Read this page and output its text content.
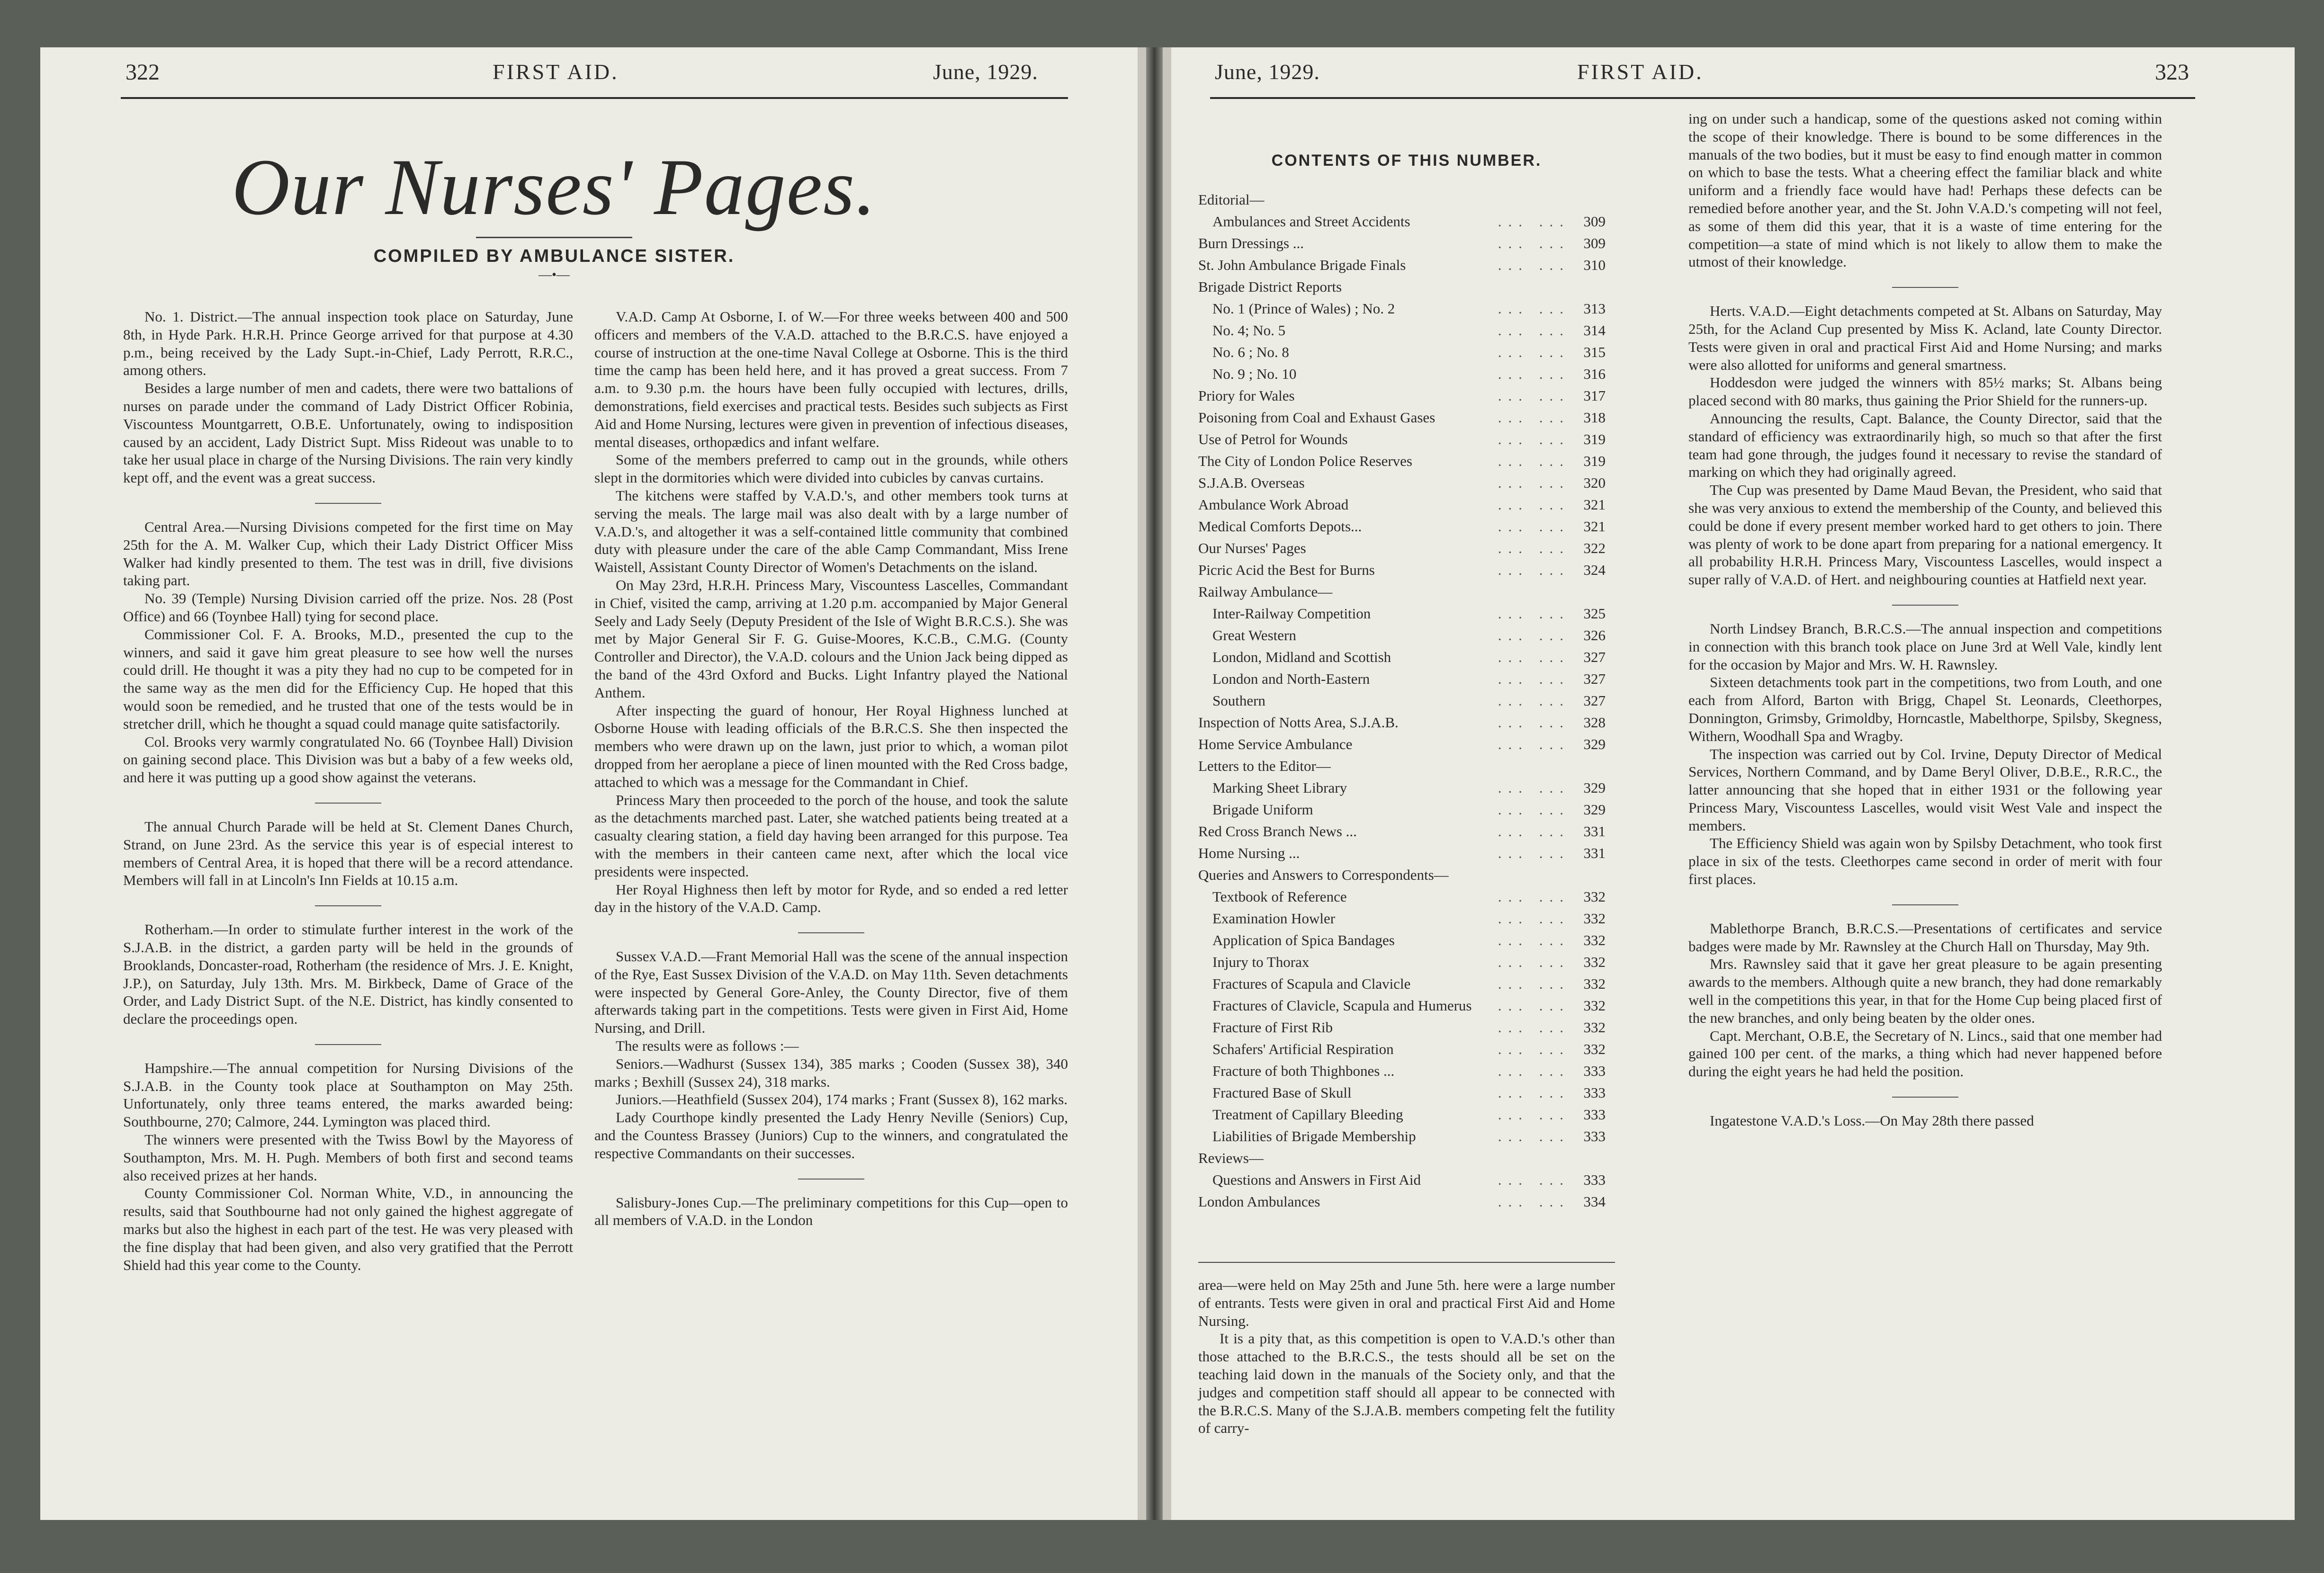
322	FIRST AID.	June, 1929.
Our Nurses' Pages.
COMPILED BY AMBULANCE SISTER.
—•—

No. 1. District.—The annual inspection took place on Saturday, June 8th, in Hyde Park. H.R.H. Prince George arrived for that purpose at 4.30 p.m., being received by the Lady Supt.-in-Chief, Lady Perrott, R.R.C., among others.

Besides a large number of men and cadets, there were two battalions of nurses on parade under the command of Lady District Officer Robinia, Viscountess Mountgarrett, O.B.E. Unfortunately, owing to indisposition caused by an accident, Lady District Supt. Miss Rideout was unable to to take her usual place in charge of the Nursing Divisions. The rain very kindly kept off, and the event was a great success.

Central Area.—Nursing Divisions competed for the first time on May 25th for the A. M. Walker Cup, which their Lady District Officer Miss Walker had kindly presented to them. The test was in drill, five divisions taking part.

No. 39 (Temple) Nursing Division carried off the prize. Nos. 28 (Post Office) and 66 (Toynbee Hall) tying for second place.

Commissioner Col. F. A. Brooks, M.D., presented the cup to the winners, and said it gave him great pleasure to see how well the nurses could drill. He thought it was a pity they had no cup to be competed for in the same way as the men did for the Efficiency Cup. He hoped that this would soon be remedied, and he trusted that one of the tests would be in stretcher drill, which he thought a squad could manage quite satisfactorily.

Col. Brooks very warmly congratulated No. 66 (Toynbee Hall) Division on gaining second place. This Division was but a baby of a few weeks old, and here it was putting up a good show against the veterans.

The annual Church Parade will be held at St. Clement Danes Church, Strand, on June 23rd. As the service this year is of especial interest to members of Central Area, it is hoped that there will be a record attendance. Members will fall in at Lincoln's Inn Fields at 10.15 a.m.

Rotherham.—In order to stimulate further interest in the work of the S.J.A.B. in the district, a garden party will be held in the grounds of Brooklands, Doncaster-road, Rotherham (the residence of Mrs. J. E. Knight, J.P.), on Saturday, July 13th. Mrs. M. Birkbeck, Dame of Grace of the Order, and Lady District Supt. of the N.E. District, has kindly consented to declare the proceedings open.

Hampshire.—The annual competition for Nursing Divisions of the S.J.A.B. in the County took place at Southampton on May 25th. Unfortunately, only three teams entered, the marks awarded being: Southbourne, 270; Calmore, 244. Lymington was placed third.

The winners were presented with the Twiss Bowl by the Mayoress of Southampton, Mrs. M. H. Pugh. Members of both first and second teams also received prizes at her hands.

County Commissioner Col. Norman White, V.D., in announcing the results, said that Southbourne had not only gained the highest aggregate of marks but also the highest in each part of the test. He was very pleased with the fine display that had been given, and also very gratified that the Perrott Shield had this year come to the County.

V.A.D. Camp At Osborne, I. of W.—For three weeks between 400 and 500 officers and members of the V.A.D. attached to the B.R.C.S. have enjoyed a course of instruction at the one-time Naval College at Osborne. This is the third time the camp has been held here, and it has proved a great success. From 7 a.m. to 9.30 p.m. the hours have been fully occupied with lectures, drills, demonstrations, field exercises and practical tests. Besides such subjects as First Aid and Home Nursing, lectures were given in prevention of infectious diseases, mental diseases, orthopædics and infant welfare.

Some of the members preferred to camp out in the grounds, while others slept in the dormitories which were divided into cubicles by canvas curtains.

The kitchens were staffed by V.A.D.'s, and other members took turns at serving the meals. The large mail was also dealt with by a large number of V.A.D.'s, and altogether it was a self-contained little community that combined duty with pleasure under the care of the able Camp Commandant, Miss Irene Waistell, Assistant County Director of Women's Detachments on the island.

On May 23rd, H.R.H. Princess Mary, Viscountess Lascelles, Commandant in Chief, visited the camp, arriving at 1.20 p.m. accompanied by Major General Seely and Lady Seely (Deputy President of the Isle of Wight B.R.C.S.). She was met by Major General Sir F. G. Guise-Moores, K.C.B., C.M.G. (County Controller and Director), the V.A.D. colours and the Union Jack being dipped as the band of the 43rd Oxford and Bucks. Light Infantry played the National Anthem.

After inspecting the guard of honour, Her Royal Highness lunched at Osborne House with leading officials of the B.R.C.S. She then inspected the members who were drawn up on the lawn, just prior to which, a woman pilot dropped from her aeroplane a piece of linen mounted with the Red Cross badge, attached to which was a message for the Commandant in Chief.

Princess Mary then proceeded to the porch of the house, and took the salute as the detachments marched past. Later, she watched patients being treated at a casualty clearing station, a field day having been arranged for this purpose. Tea with the members in their canteen came next, after which the local vice presidents were inspected.

Her Royal Highness then left by motor for Ryde, and so ended a red letter day in the history of the V.A.D. Camp.

Sussex V.A.D.—Frant Memorial Hall was the scene of the annual inspection of the Rye, East Sussex Division of the V.A.D. on May 11th. Seven detachments were inspected by General Gore-Anley, the County Director, five of them afterwards taking part in the competitions. Tests were given in First Aid, Home Nursing, and Drill.

The results were as follows :—

Seniors.—Wadhurst (Sussex 134), 385 marks ; Cooden (Sussex 38), 340 marks ; Bexhill (Sussex 24), 318 marks.

Juniors.—Heathfield (Sussex 204), 174 marks ; Frant (Sussex 8), 162 marks.

Lady Courthope kindly presented the Lady Henry Neville (Seniors) Cup, and the Countess Brassey (Juniors) Cup to the winners, and congratulated the respective Commandants on their successes.

Salisbury-Jones Cup.—The preliminary competitions for this Cup—open to all members of V.A.D. in the London

June, 1929.	FIRST AID.	323
CONTENTS OF THIS NUMBER.
Editorial—
... ...
Ambulances and Street Accidents	309
... ...
Burn Dressings ...	309
... ...
St. John Ambulance Brigade Finals	310
Brigade District Reports
... ...
No. 1 (Prince of Wales) ; No. 2	313
... ...
No. 4; No. 5	314
... ...
No. 6 ; No. 8	315
... ...
No. 9 ; No. 10	316
... ...
Priory for Wales	317
... ...
Poisoning from Coal and Exhaust Gases	318
... ...
Use of Petrol for Wounds	319
... ...
The City of London Police Reserves	319
... ...
S.J.A.B. Overseas	320
... ...
Ambulance Work Abroad	321
... ...
Medical Comforts Depots...	321
... ...
Our Nurses' Pages	322
... ...
Picric Acid the Best for Burns	324
Railway Ambulance—
... ...
Inter-Railway Competition	325
... ...
Great Western	326
... ...
London, Midland and Scottish	327
... ...
London and North-Eastern	327
... ...
Southern	327
... ...
Inspection of Notts Area, S.J.A.B.	328
... ...
Home Service Ambulance	329
Letters to the Editor—
... ...
Marking Sheet Library	329
... ...
Brigade Uniform	329
... ...
Red Cross Branch News ...	331
... ...
Home Nursing ...	331
Queries and Answers to Correspondents—
... ...
Textbook of Reference	332
... ...
Examination Howler	332
... ...
Application of Spica Bandages	332
... ...
Injury to Thorax	332
... ...
Fractures of Scapula and Clavicle	332
... ...
Fractures of Clavicle, Scapula and Humerus	332
... ...
Fracture of First Rib	332
... ...
Schafers' Artificial Respiration	332
... ...
Fracture of both Thighbones ...	333
... ...
Fractured Base of Skull	333
... ...
Treatment of Capillary Bleeding	333
... ...
Liabilities of Brigade Membership	333
Reviews—
... ...
Questions and Answers in First Aid	333
... ...
London Ambulances	334

area—were held on May 25th and June 5th. here were a large number of entrants. Tests were given in oral and practical First Aid and Home Nursing.

It is a pity that, as this competition is open to V.A.D.'s other than those attached to the B.R.C.S., the tests should all be set on the teaching laid down in the manuals of the Society only, and that the judges and competition staff should all appear to be connected with the B.R.C.S. Many of the S.J.A.B. members competing felt the futility of carry-

ing on under such a handicap, some of the questions asked not coming within the scope of their knowledge. There is bound to be some differences in the manuals of the two bodies, but it must be easy to find enough matter in common on which to base the tests. What a cheering effect the familiar black and white uniform and a friendly face would have had! Perhaps these defects can be remedied before another year, and the St. John V.A.D.'s competing will not feel, as some of them did this year, that it is a waste of time entering for the competition—a state of mind which is not likely to allow them to make the utmost of their knowledge.

Herts. V.A.D.—Eight detachments competed at St. Albans on Saturday, May 25th, for the Acland Cup presented by Miss K. Acland, late County Director. Tests were given in oral and practical First Aid and Home Nursing; and marks were also allotted for uniforms and general smartness.

Hoddesdon were judged the winners with 85½ marks; St. Albans being placed second with 80 marks, thus gaining the Prior Shield for the runners-up.

Announcing the results, Capt. Balance, the County Director, said that the standard of efficiency was extraordinarily high, so much so that after the first team had gone through, the judges found it necessary to revise the standard of marking on which they had originally agreed.

The Cup was presented by Dame Maud Bevan, the President, who said that she was very anxious to extend the membership of the County, and believed this could be done if every present member worked hard to get others to join. There was plenty of work to be done apart from preparing for a national emergency. It all probability H.R.H. Princess Mary, Viscountess Lascelles, would inspect a super rally of V.A.D. of Hert. and neighbouring counties at Hatfield next year.

North Lindsey Branch, B.R.C.S.—The annual inspection and competitions in connection with this branch took place on June 3rd at Well Vale, kindly lent for the occasion by Major and Mrs. W. H. Rawnsley.

Sixteen detachments took part in the competitions, two from Louth, and one each from Alford, Barton with Brigg, Chapel St. Leonards, Cleethorpes, Donnington, Grimsby, Grimoldby, Horncastle, Mabelthorpe, Spilsby, Skegness, Withern, Woodhall Spa and Wragby.

The inspection was carried out by Col. Irvine, Deputy Director of Medical Services, Northern Command, and by Dame Beryl Oliver, D.B.E., R.R.C., the latter announcing that she hoped that in either 1931 or the following year Princess Mary, Viscountess Lascelles, would visit West Vale and inspect the members.

The Efficiency Shield was again won by Spilsby Detachment, who took first place in six of the tests. Cleethorpes came second in order of merit with four first places.

Mablethorpe Branch, B.R.C.S.—Presentations of certificates and service badges were made by Mr. Rawnsley at the Church Hall on Thursday, May 9th.

Mrs. Rawnsley said that it gave her great pleasure to be again presenting awards to the members. Although quite a new branch, they had done remarkably well in the competitions this year, in that for the Home Cup being placed first of the new branches, and only being beaten by the older ones.

Capt. Merchant, O.B.E, the Secretary of N. Lincs., said that one member had gained 100 per cent. of the marks, a thing which had never happened before during the eight years he had held the position.

Ingatestone V.A.D.'s Loss.—On May 28th there passed
